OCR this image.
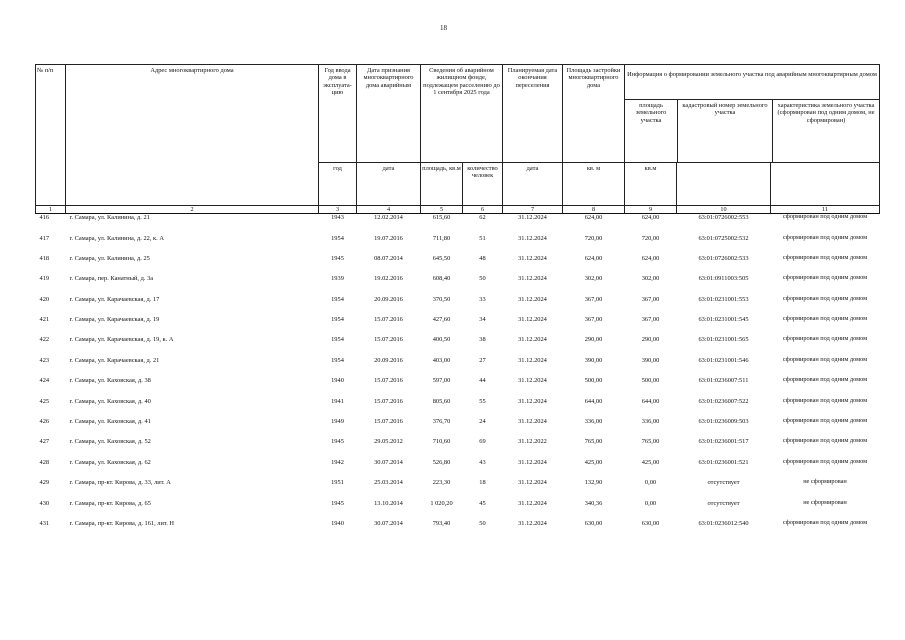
18
№ п/п	Адрес многоквартирного дома	Год ввода дома в эксплуата-цию	Дата признания многоквартирного дома аварийным	Сведения об аварийном жилищном фонде, подлежащем расселению до 1 сентября 2025 года		Планируемая дата окончания переселения	Площадь застройки многоквартирного дома	Информация о формировании земельного участка под аварийным многоквартирным домом
площадь земельного участка
кадастровый номер земельного участка
характеристика земельного участка (сформирован под одним домом, не сформирован)		

		год	дата	площадь, кв.м	количество человек	дата	кв. м	кв.м		
1	2	3	4	5	6	7	8	9	10	11
416	г. Самара, ул. Калинина, д. 21	1943	12.02.2014	615,60	62	31.12.2024	624,00	624,00	63:01:0726002:553	сформирован под одним домом
417	г. Самара, ул. Калинина, д. 22, к. А	1954	19.07.2016	711,80	51	31.12.2024	720,00	720,00	63:01:0725002:532	сформирован под одним домом
418	г. Самара, ул. Калинина, д. 25	1945	08.07.2014	645,50	48	31.12.2024	624,00	624,00	63:01:0726002:533	сформирован под одним домом
419	г. Самара, пер. Канатный, д. 3а	1939	19.02.2016	608,40	50	31.12.2024	302,00	302,00	63:01:0911003:505	сформирован под одним домом
420	г. Самара, ул. Карачаевская, д. 17	1954	20.09.2016	370,50	33	31.12.2024	367,00	367,00	63:01:0231001:553	сформирован под одним домом
421	г. Самара, ул. Карачаевская, д. 19	1954	15.07.2016	427,60	34	31.12.2024	367,00	367,00	63:01:0231001:545	сформирован под одним домом
422	г. Самара, ул. Карачаевская, д. 19, к. А	1954	15.07.2016	400,50	38	31.12.2024	290,00	290,00	63:01:0231001:565	сформирован под одним домом
423	г. Самара, ул. Карачаевская, д. 21	1954	20.09.2016	403,00	27	31.12.2024	390,00	390,00	63:01:0231001:546	сформирован под одним домом
424	г. Самара, ул. Каховская, д. 38	1940	15.07.2016	597,00	44	31.12.2024	500,00	500,00	63:01:0236007:511	сформирован под одним домом
425	г. Самара, ул. Каховская, д. 40	1941	15.07.2016	805,60	55	31.12.2024	644,00	644,00	63:01:0236007:522	сформирован под одним домом
426	г. Самара, ул. Каховская, д. 41	1949	15.07.2016	376,70	24	31.12.2024	336,00	336,00	63:01:0236009:503	сформирован под одним домом
427	г. Самара, ул. Каховская, д. 52	1945	29.05.2012	710,60	69	31.12.2022	765,00	765,00	63:01:0236001:517	сформирован под одним домом
428	г. Самара, ул. Каховская, д. 62	1942	30.07.2014	526,80	43	31.12.2024	425,00	425,00	63:01:0236001:521	сформирован под одним домом
429	г. Самара, пр-кт. Кирова, д. 33, лит. А	1951	25.03.2014	223,30	18	31.12.2024	132,90	0,00	отсутствует	не сформирован
430	г. Самара, пр-кт. Кирова, д. 65	1945	13.10.2014	1 020,20	45	31.12.2024	340,36	0,00	отсутствует	не сформирован
431	г. Самара, пр-кт. Кирова, д. 161, лит. Н	1940	30.07.2014	793,40	50	31.12.2024	630,00	630,00	63:01:0236012:540	сформирован под одним домом
